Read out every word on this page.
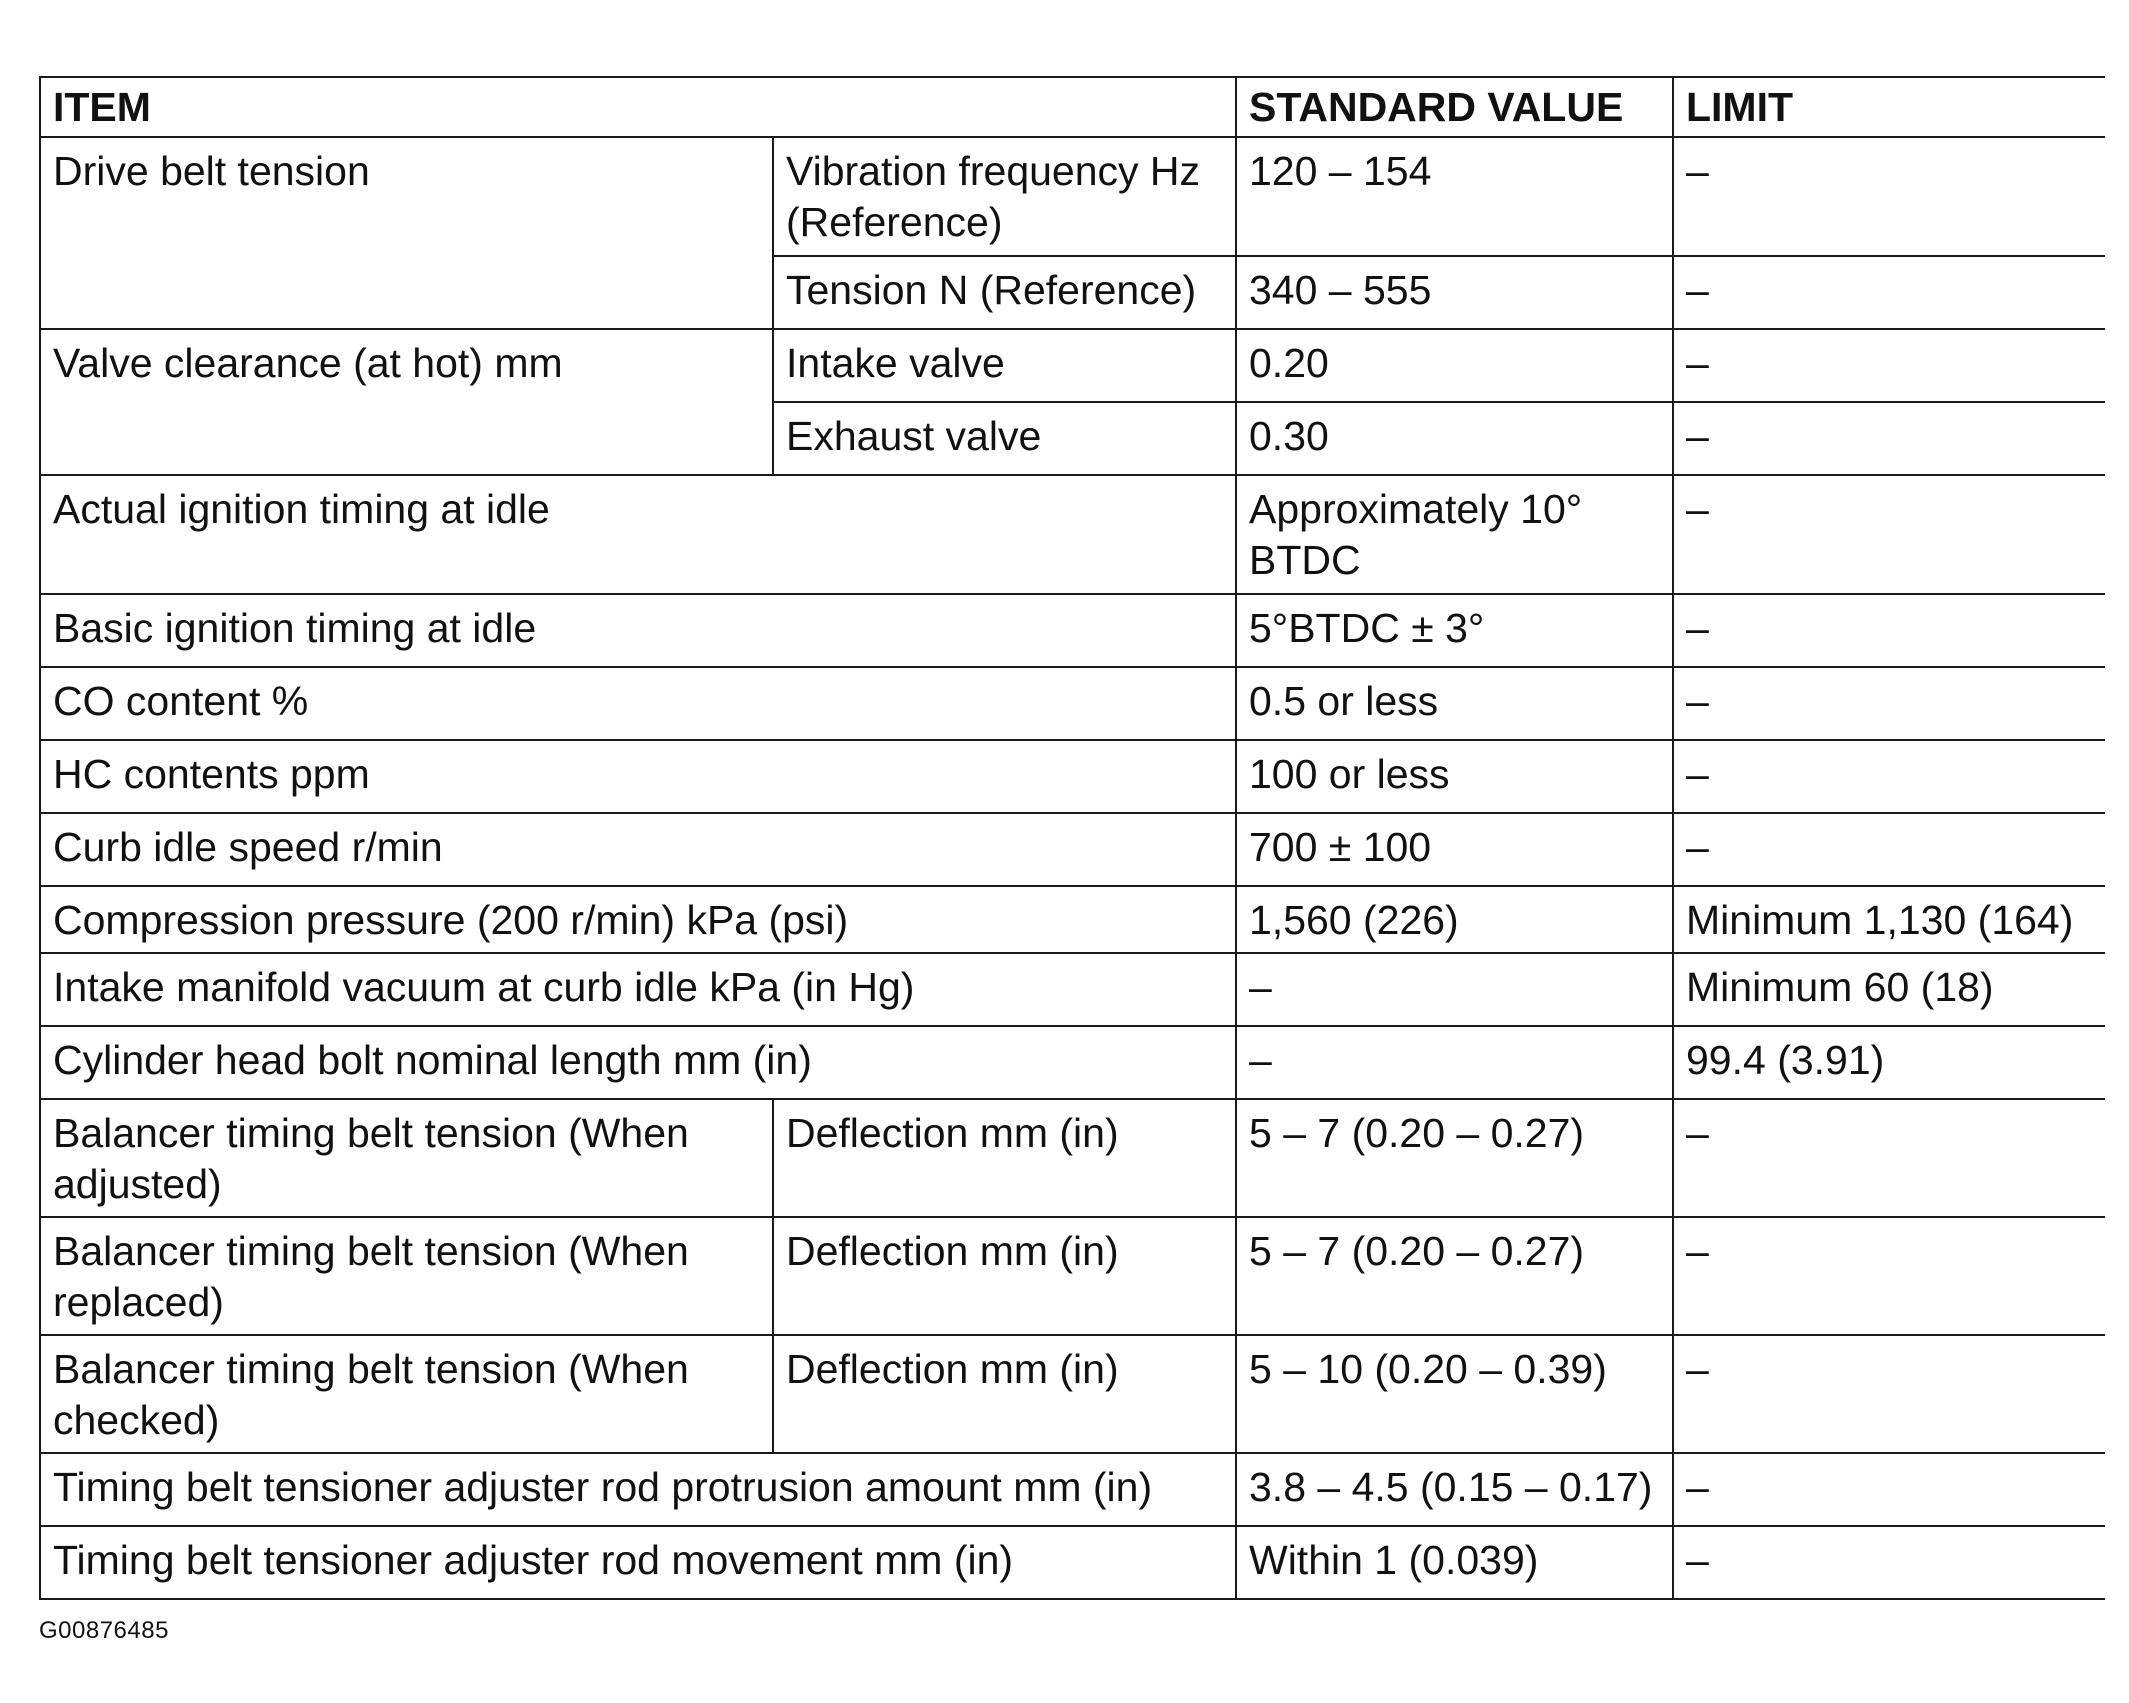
ITEM		STANDARD VALUE	LIMIT
Drive belt tension	Vibration frequency Hz (Reference)	120 – 154	–
	Tension N (Reference)	340 – 555	–
Valve clearance (at hot) mm	Intake valve	0.20	–
	Exhaust valve	0.30	–
Actual ignition timing at idle		Approximately 10° BTDC	–
Basic ignition timing at idle		5°BTDC ± 3°	–
CO content %		0.5 or less	–
HC contents ppm		100 or less	–
Curb idle speed r/min		700 ± 100	–
Compression pressure (200 r/min) kPa (psi)		1,560 (226)	Minimum 1,130 (164)
Intake manifold vacuum at curb idle kPa (in Hg)		–	Minimum 60 (18)
Cylinder head bolt nominal length mm (in)		–	99.4 (3.91)
Balancer timing belt tension (When adjusted)	Deflection mm (in)	5 – 7 (0.20 – 0.27)	–
Balancer timing belt tension (When replaced)	Deflection mm (in)	5 – 7 (0.20 – 0.27)	–
Balancer timing belt tension (When checked)	Deflection mm (in)	5 – 10 (0.20 – 0.39)	–
Timing belt tensioner adjuster rod protrusion amount mm (in)		3.8 – 4.5 (0.15 – 0.17)	–
Timing belt tensioner adjuster rod movement mm (in)		Within 1 (0.039)	–
G00876485
